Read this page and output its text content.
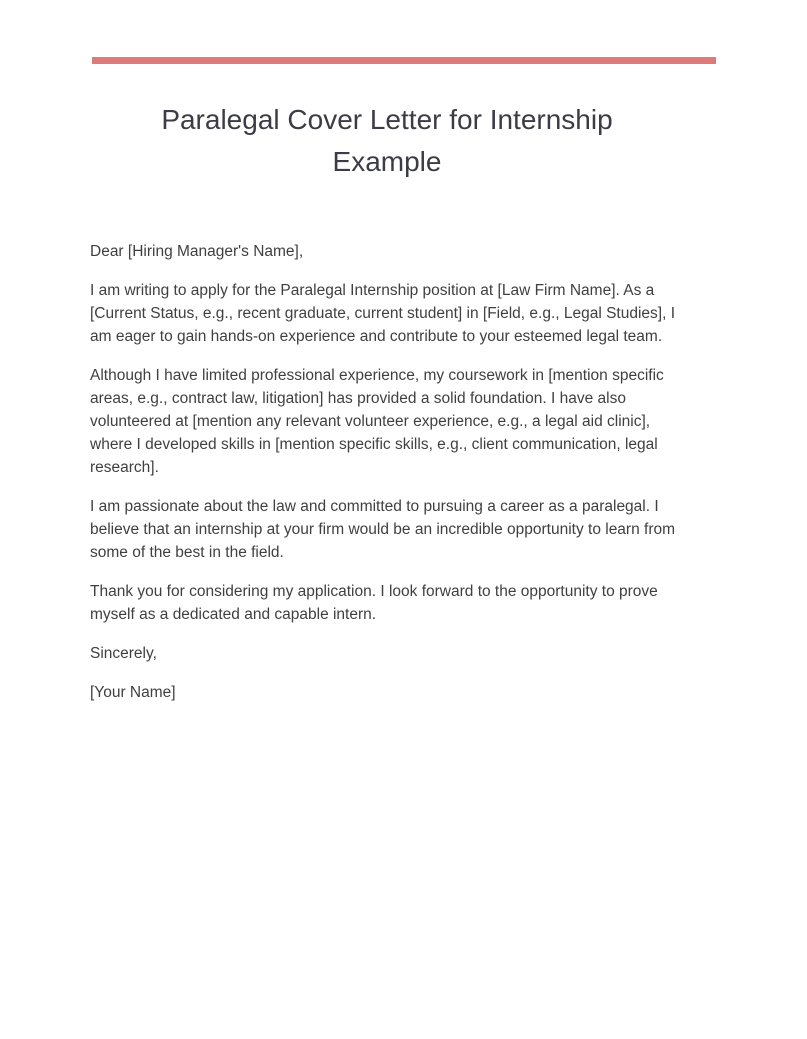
Paralegal Cover Letter for Internship
Example

Dear [Hiring Manager's Name],

I am writing to apply for the Paralegal Internship position at [Law Firm Name]. As a [Current Status, e.g., recent graduate, current student] in [Field, e.g., Legal Studies], I am eager to gain hands-on experience and contribute to your esteemed legal team.

Although I have limited professional experience, my coursework in [mention specific areas, e.g., contract law, litigation] has provided a solid foundation. I have also volunteered at [mention any relevant volunteer experience, e.g., a legal aid clinic], where I developed skills in [mention specific skills, e.g., client communication, legal research].

I am passionate about the law and committed to pursuing a career as a paralegal. I believe that an internship at your firm would be an incredible opportunity to learn from some of the best in the field.

Thank you for considering my application. I look forward to the opportunity to prove myself as a dedicated and capable intern.

Sincerely,

[Your Name]
